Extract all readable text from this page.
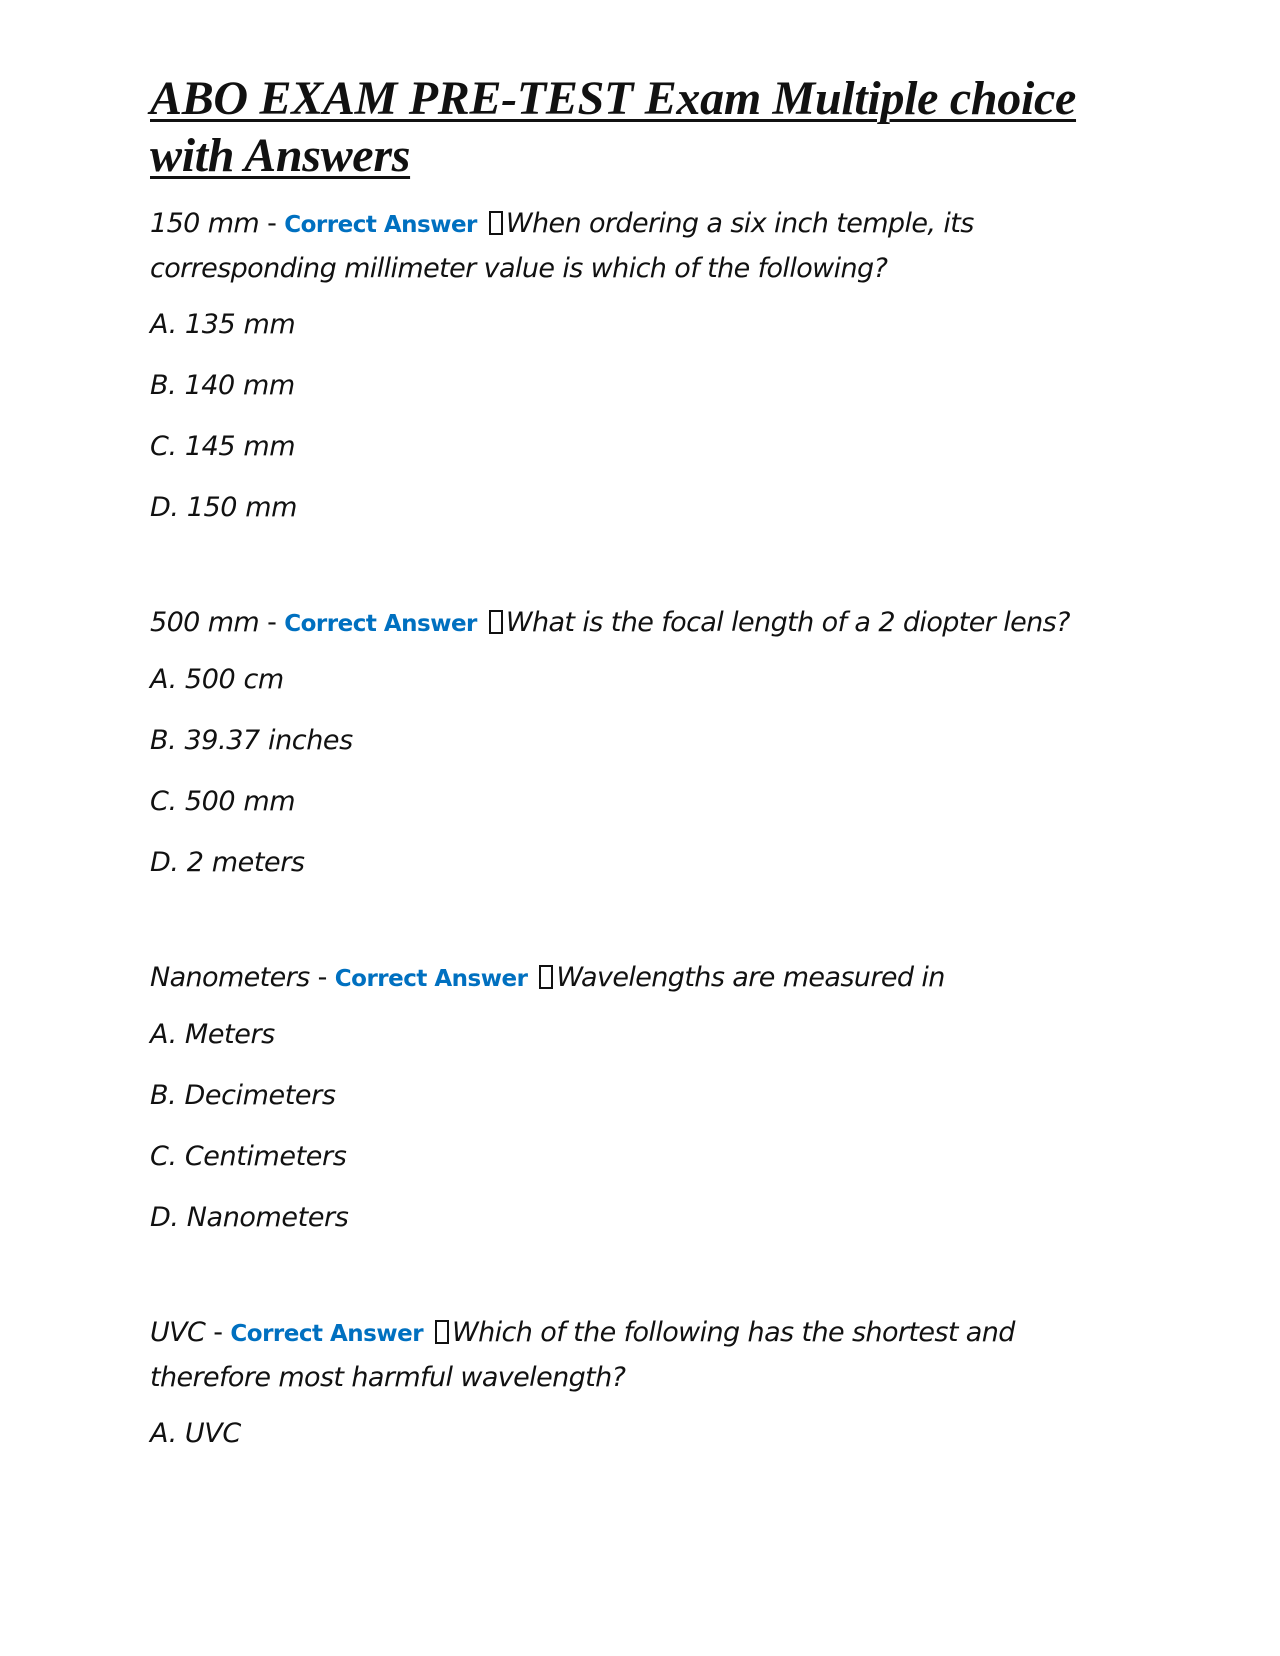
ABO EXAM PRE-TEST Exam Multiple choice with Answers

150 mm - Correct Answer When ordering a six inch temple, its corresponding millimeter value is which of the following?

A. 135 mm

B. 140 mm

C. 145 mm

D. 150 mm

500 mm - Correct Answer What is the focal length of a 2 diopter lens?

A. 500 cm

B. 39.37 inches

C. 500 mm

D. 2 meters

Nanometers - Correct Answer Wavelengths are measured in

A. Meters

B. Decimeters

C. Centimeters

D. Nanometers

UVC - Correct Answer Which of the following has the shortest and therefore most harmful wavelength?

A. UVC
